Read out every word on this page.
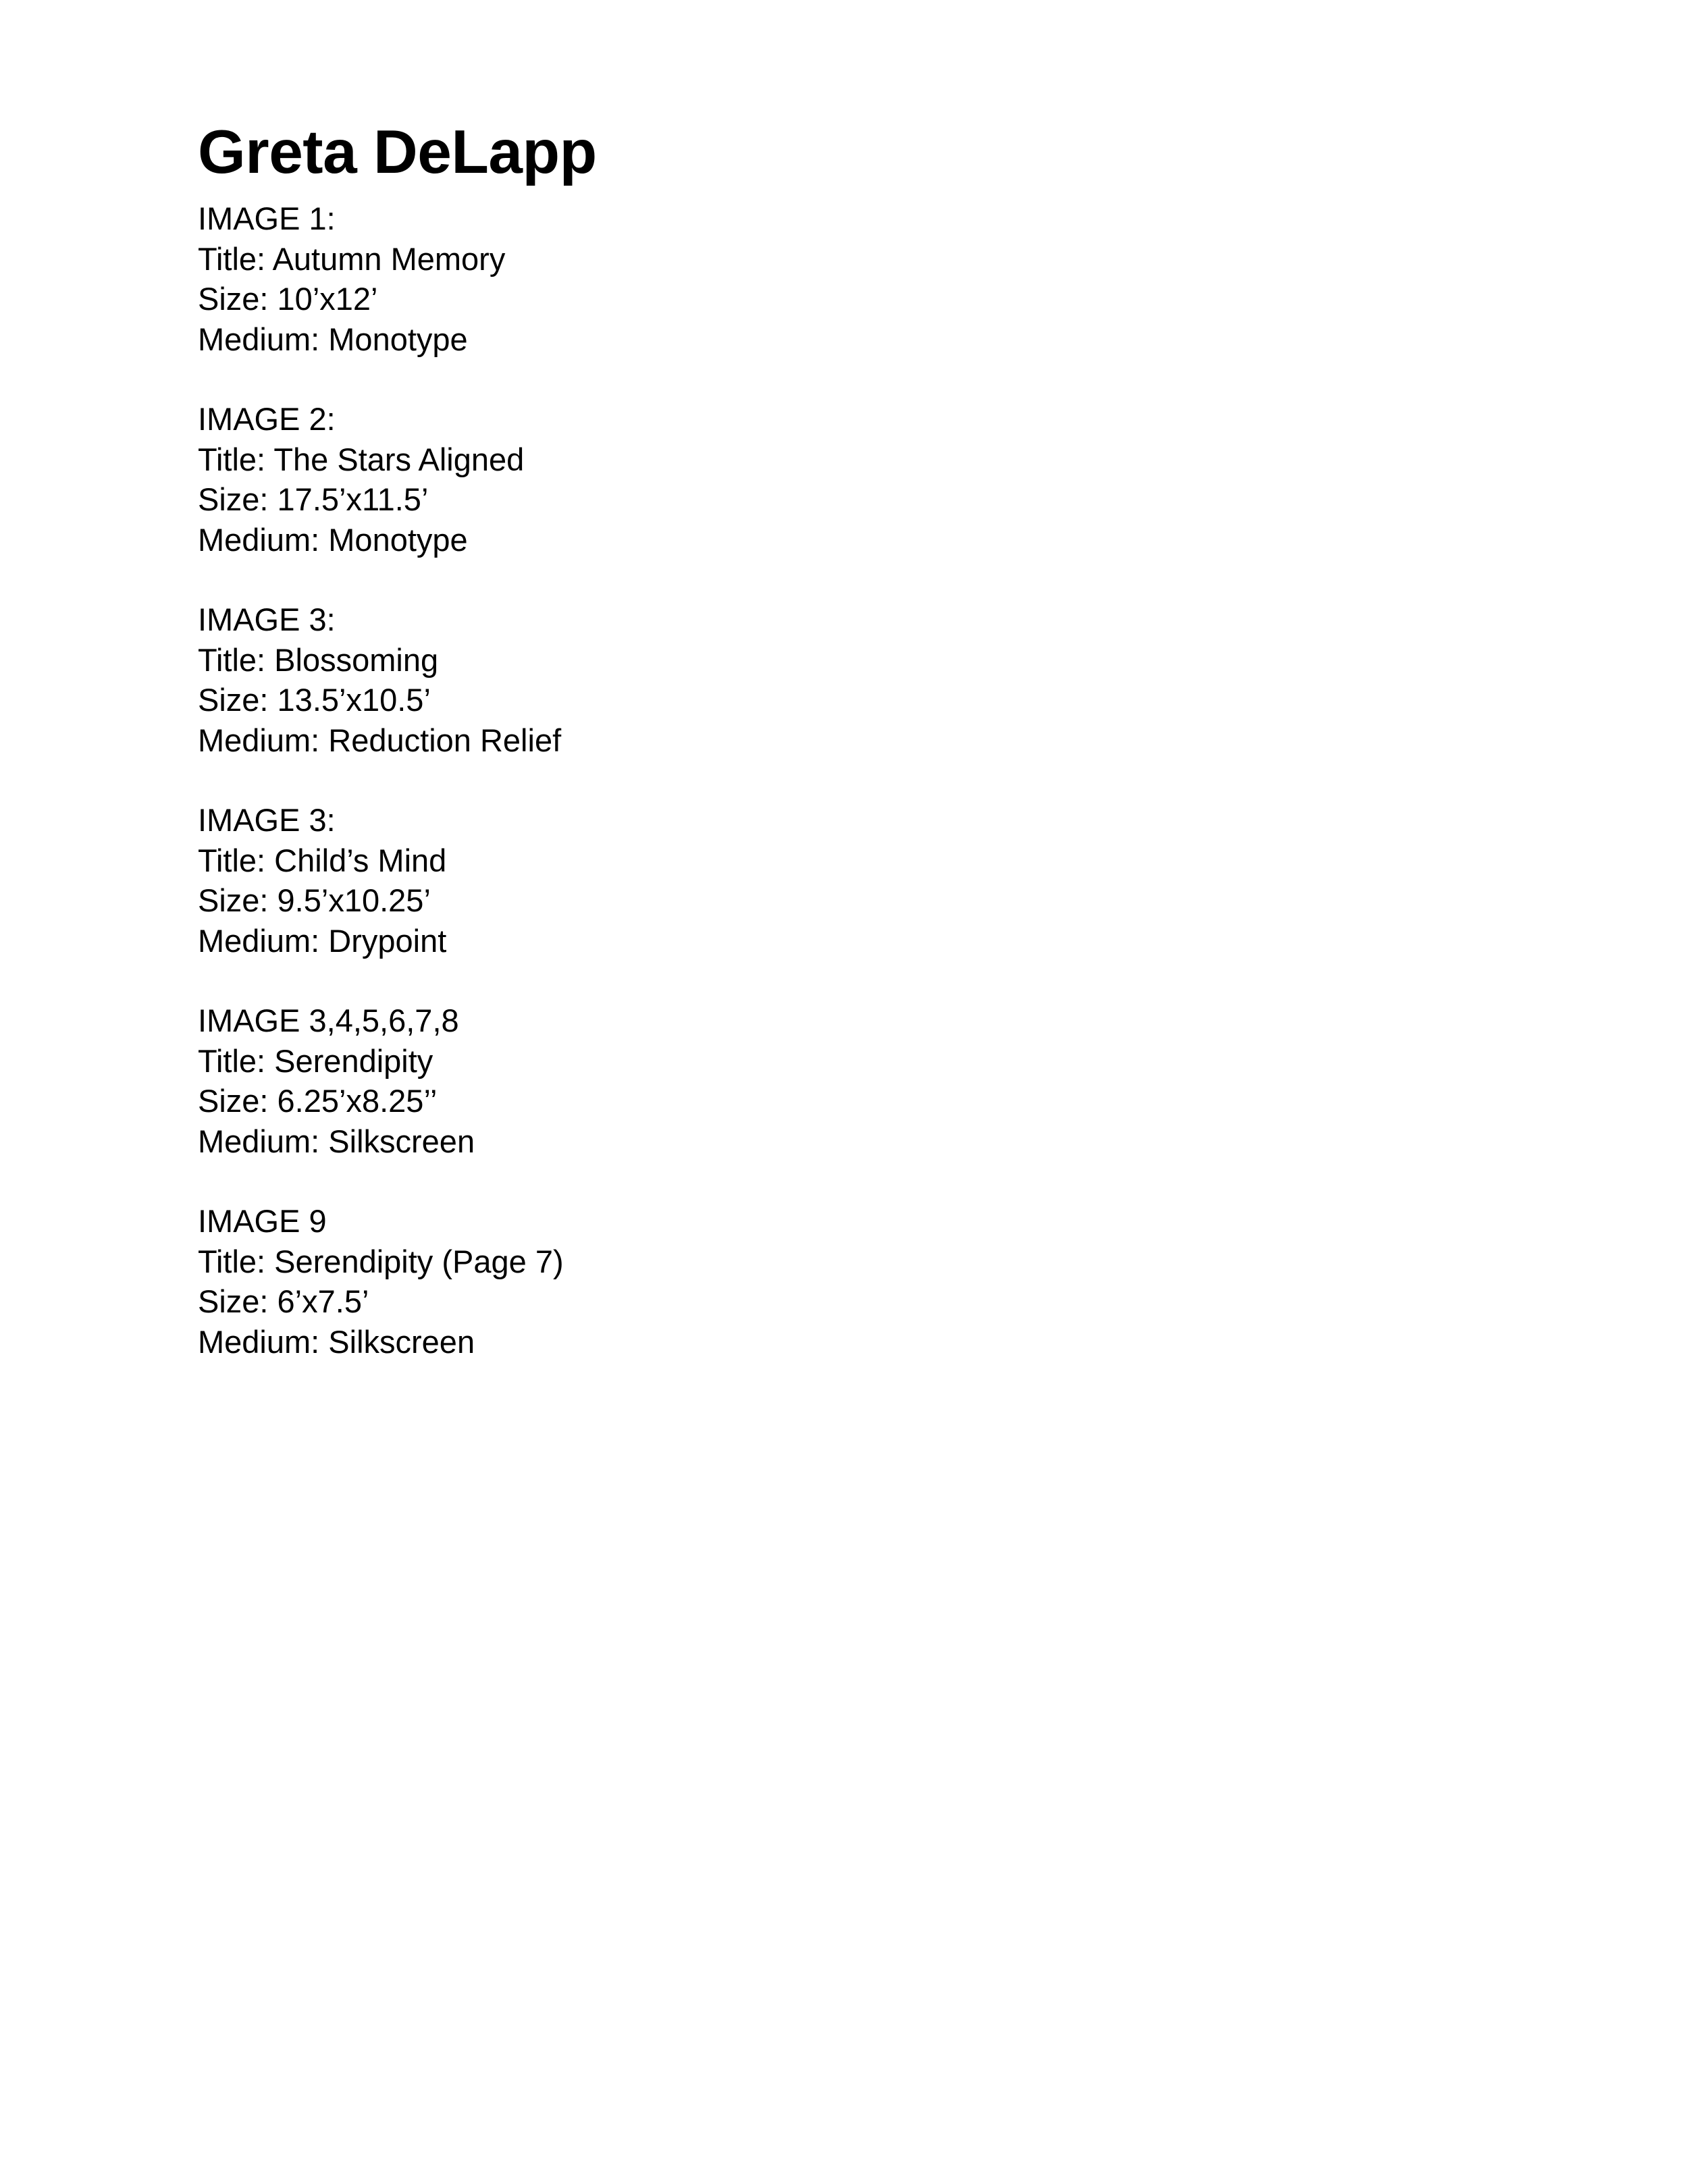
Greta DeLapp
IMAGE 1:
Title: Autumn Memory
Size: 10’x12’
Medium: Monotype
IMAGE 2:
Title: The Stars Aligned
Size: 17.5’x11.5’
Medium: Monotype
IMAGE 3:
Title: Blossoming
Size: 13.5’x10.5’
Medium: Reduction Relief
IMAGE 3:
Title: Child’s Mind
Size: 9.5’x10.25’
Medium: Drypoint
IMAGE 3,4,5,6,7,8
Title: Serendipity
Size: 6.25’x8.25’’
Medium: Silkscreen
IMAGE 9
Title: Serendipity (Page 7)
Size: 6’x7.5’
Medium: Silkscreen
